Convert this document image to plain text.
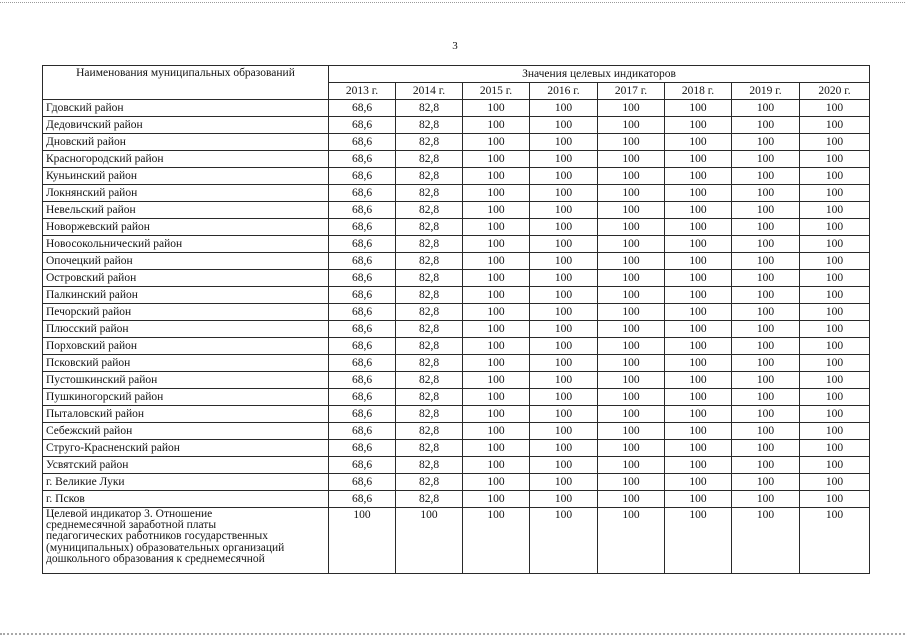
3
Наименования муниципальных образований	Значения целевых индикаторов							
	2013 г.	2014 г.	2015 г.	2016 г.	2017 г.	2018 г.	2019 г.	2020 г.
Гдовский район	68,6	82,8	100	100	100	100	100	100
Дедовичский район	68,6	82,8	100	100	100	100	100	100
Дновский район	68,6	82,8	100	100	100	100	100	100
Красногородский район	68,6	82,8	100	100	100	100	100	100
Куньинский район	68,6	82,8	100	100	100	100	100	100
Локнянский район	68,6	82,8	100	100	100	100	100	100
Невельский район	68,6	82,8	100	100	100	100	100	100
Новоржевский район	68,6	82,8	100	100	100	100	100	100
Новосокольнический район	68,6	82,8	100	100	100	100	100	100
Опочецкий район	68,6	82,8	100	100	100	100	100	100
Островский район	68,6	82,8	100	100	100	100	100	100
Палкинский район	68,6	82,8	100	100	100	100	100	100
Печорский район	68,6	82,8	100	100	100	100	100	100
Плюсский район	68,6	82,8	100	100	100	100	100	100
Порховский район	68,6	82,8	100	100	100	100	100	100
Псковский район	68,6	82,8	100	100	100	100	100	100
Пустошкинский район	68,6	82,8	100	100	100	100	100	100
Пушкиногорский район	68,6	82,8	100	100	100	100	100	100
Пыталовский район	68,6	82,8	100	100	100	100	100	100
Себежский район	68,6	82,8	100	100	100	100	100	100
Струго-Красненский район	68,6	82,8	100	100	100	100	100	100
Усвятский район	68,6	82,8	100	100	100	100	100	100
г. Великие Луки	68,6	82,8	100	100	100	100	100	100
г. Псков	68,6	82,8	100	100	100	100	100	100

Целевой индикатор 3. Отношение
среднемесячной заработной платы
педагогических работников государственных
(муниципальных) образовательных организаций
дошкольного образования к среднемесячной	100	100	100	100	100	100	100	100
